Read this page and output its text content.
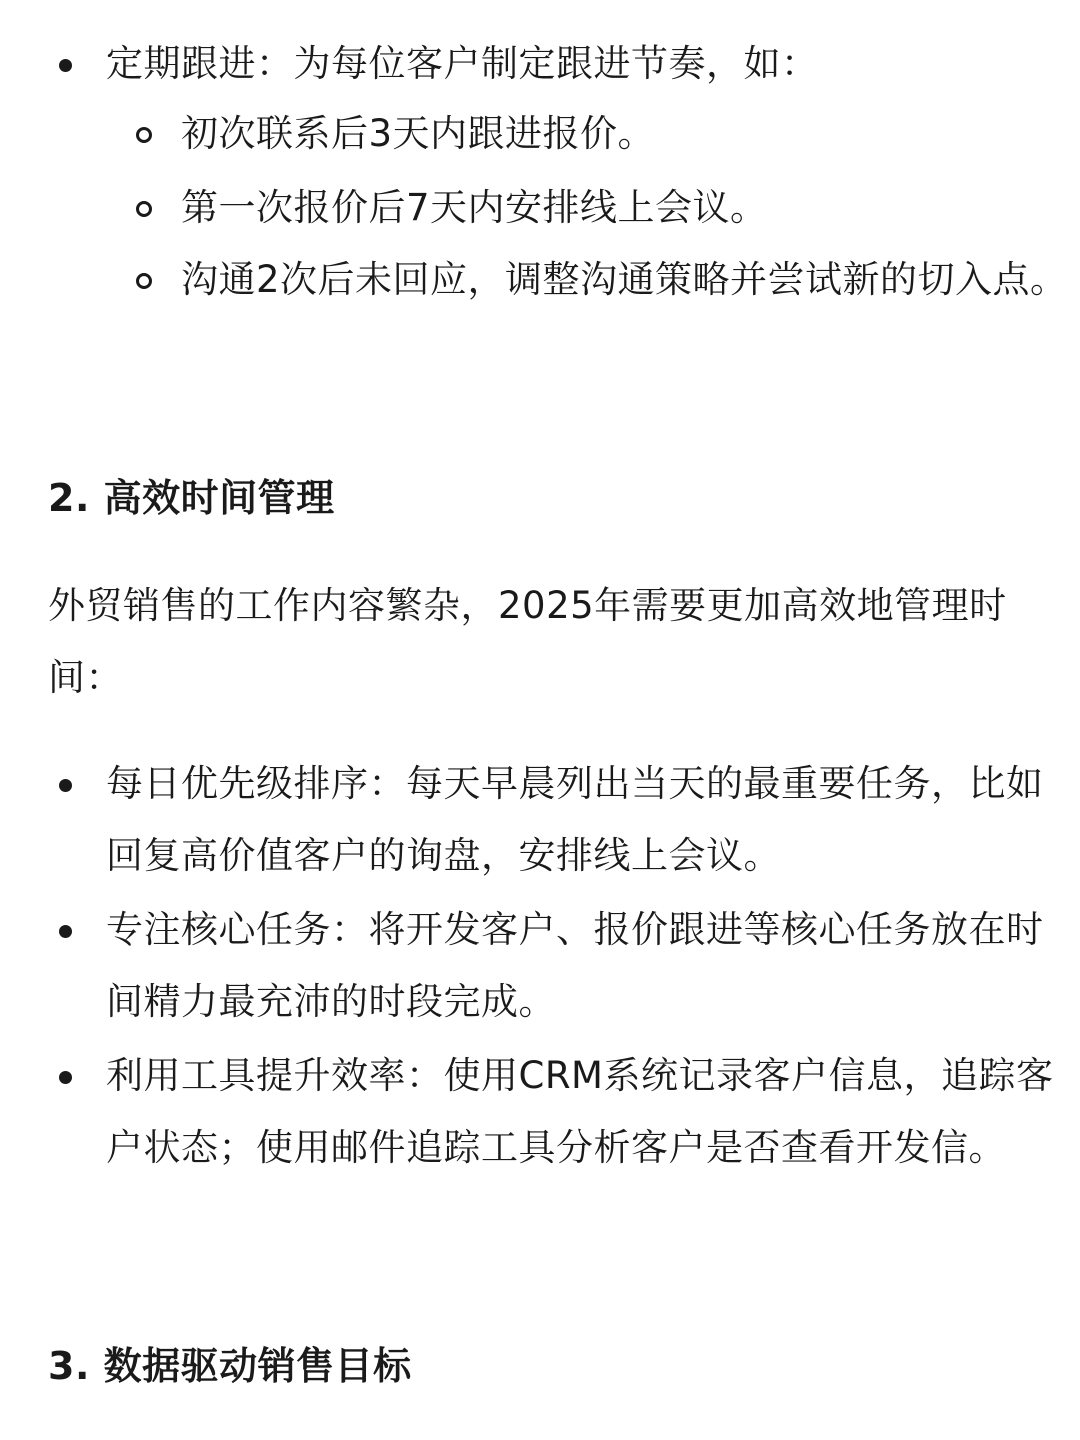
定期跟进：为每位客户制定跟进节奏，如：
初次联系后3天内跟进报价。
第一次报价后7天内安排线上会议。
沟通2次后未回应，调整沟通策略并尝试新的切入点。
2. 高效时间管理
外贸销售的工作内容繁杂，2025年需要更加高效地管理时间：
每日优先级排序：每天早晨列出当天的最重要任务，比如回复高价值客户的询盘，安排线上会议。
专注核心任务：将开发客户、报价跟进等核心任务放在时间精力最充沛的时段完成。
利用工具提升效率：使用CRM系统记录客户信息，追踪客户状态；使用邮件追踪工具分析客户是否查看开发信。
3. 数据驱动销售目标
